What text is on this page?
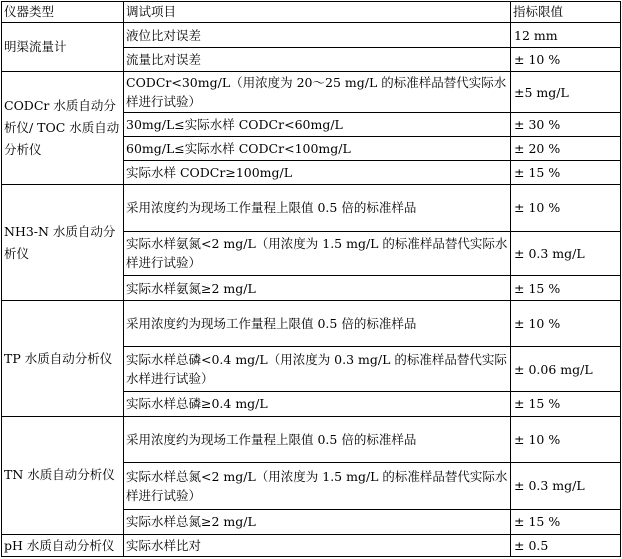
仪器类型	调试项目	指标限值
明渠流量计	液位比对误差	12 mm
	流量比对误差	± 10 %
CODCr 水质自动分析仪/ TOC 水质自动分析仪	CODCr<30mg/L（用浓度为 20～25 mg/L 的标准样品替代实际水样进行试验）	±5 mg/L
	30mg/L≤实际水样 CODCr<60mg/L	± 30 %
	60mg/L≤实际水样 CODCr<100mg/L	± 20 %
	实际水样 CODCr≥100mg/L	± 15 %
NH3-N 水质自动分析仪	采用浓度约为现场工作量程上限值 0.5 倍的标准样品	± 10 %
	实际水样氨氮<2 mg/L（用浓度为 1.5 mg/L 的标准样品替代实际水样进行试验）	± 0.3 mg/L
	实际水样氨氮≥2 mg/L	± 15 %
TP 水质自动分析仪	采用浓度约为现场工作量程上限值 0.5 倍的标准样品	± 10 %
	实际水样总磷<0.4 mg/L（用浓度为 0.3 mg/L 的标准样品替代实际水样进行试验）	± 0.06 mg/L
	实际水样总磷≥0.4 mg/L	± 15 %
TN 水质自动分析仪	采用浓度约为现场工作量程上限值 0.5 倍的标准样品	± 10 %
	实际水样总氮<2 mg/L（用浓度为 1.5 mg/L 的标准样品替代实际水样进行试验）	± 0.3 mg/L
	实际水样总氮≥2 mg/L	± 15 %
pH 水质自动分析仪	实际水样比对	± 0.5
